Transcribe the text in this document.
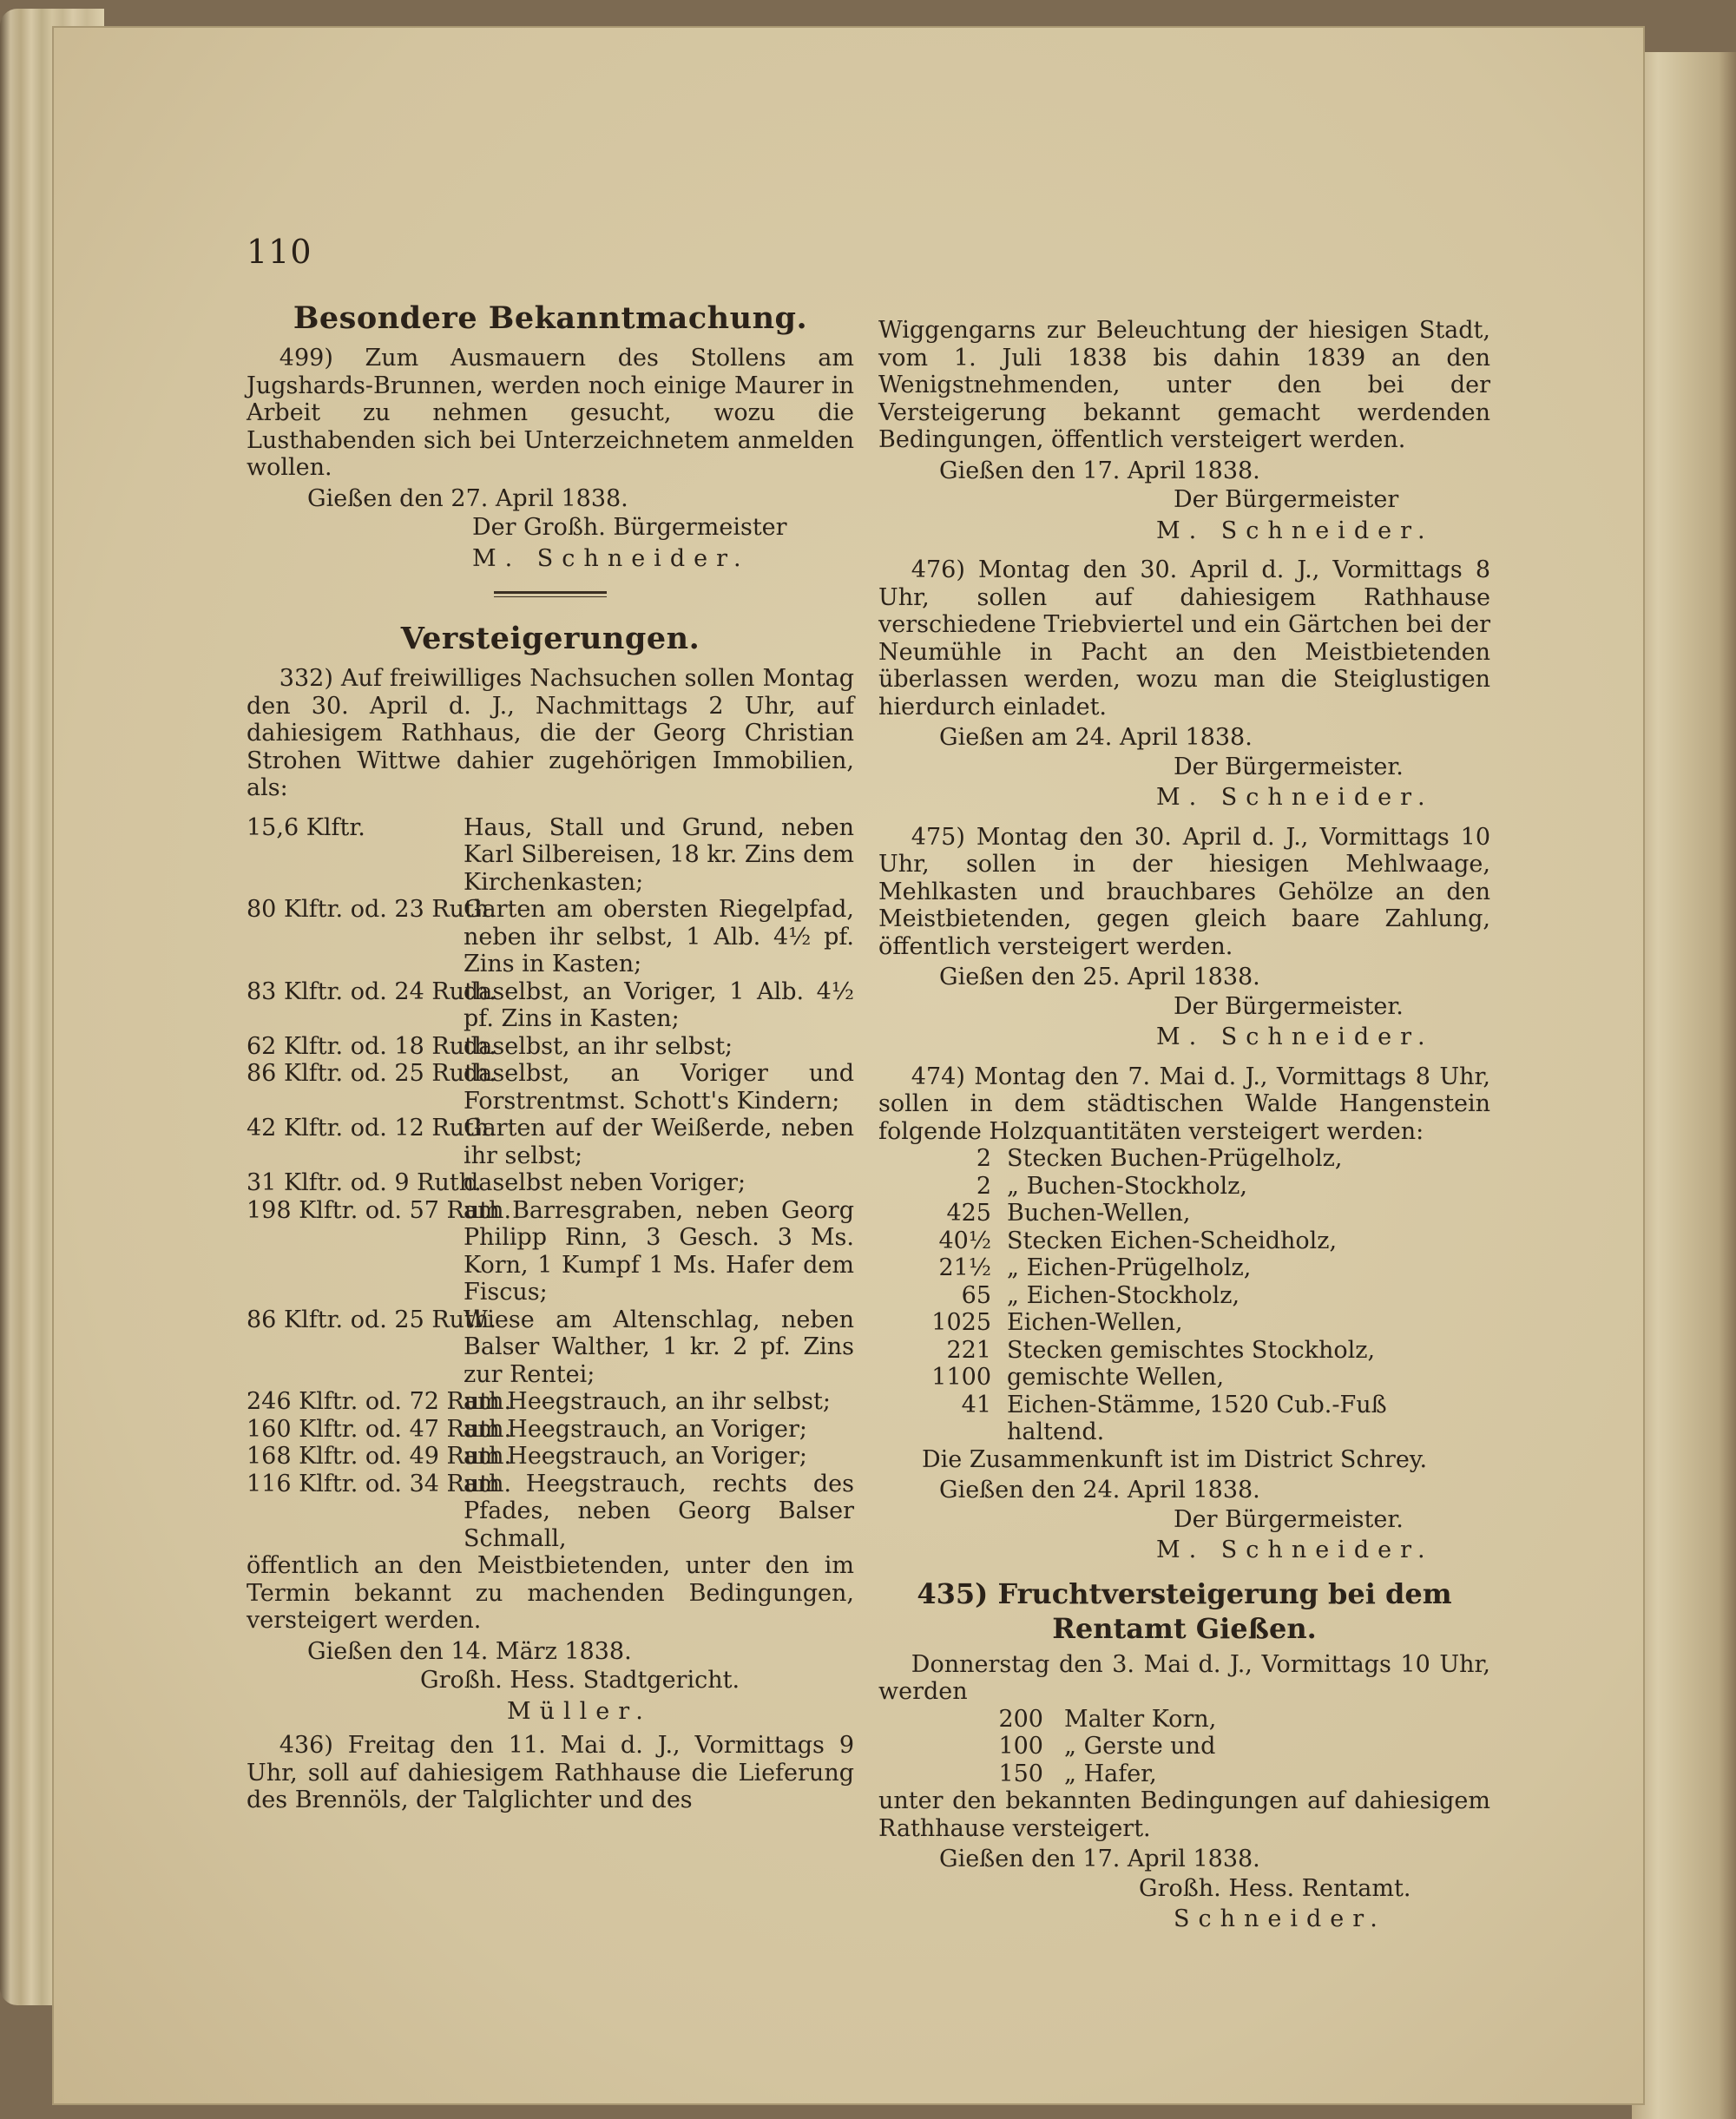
110
Besondere Bekanntmachung.

499) Zum Ausmauern des Stollens am Jugshards-Brunnen, werden noch einige Maurer in Arbeit zu nehmen gesucht, wozu die Lusthabenden sich bei Unterzeichnetem anmelden wollen.

Gießen den 27. April 1838.

Der Großh. Bürgermeister

M. Schneider.

Versteigerungen.

332) Auf freiwilliges Nachsuchen sollen Montag den 30. April d. J., Nachmittags 2 Uhr, auf dahiesigem Rathhaus, die der Georg Christian Strohen Wittwe dahier zugehörigen Immobilien, als:

15,6 Klftr.	Haus, Stall und Grund, neben Karl Silbereisen, 18 kr. Zins dem Kirchenkasten;
80 Klftr. od. 23 Ruth.
Garten am obersten Riegelpfad, neben ihr selbst, 1 Alb. 4½ pf. Zins in Kasten;
83 Klftr. od. 24 Ruth.
daselbst, an Voriger, 1 Alb. 4½ pf. Zins in Kasten;
62 Klftr. od. 18 Ruth.
daselbst, an ihr selbst;
86 Klftr. od. 25 Ruth.
daselbst, an Voriger und Forstrentmst. Schott's Kindern;
42 Klftr. od. 12 Ruth.
Garten auf der Weißerde, neben ihr selbst;
31 Klftr. od. 9 Ruth.
daselbst neben Voriger;
198 Klftr. od. 57 Ruth.
am Barresgraben, neben Georg Philipp Rinn, 3 Gesch. 3 Ms. Korn, 1 Kumpf 1 Ms. Hafer dem Fiscus;
86 Klftr. od. 25 Ruth.
Wiese am Altenschlag, neben Balser Walther, 1 kr. 2 pf. Zins zur Rentei;
246 Klftr. od. 72 Ruth.
am Heegstrauch, an ihr selbst;
160 Klftr. od. 47 Ruth.
am Heegstrauch, an Voriger;
168 Klftr. od. 49 Ruth.
am Heegstrauch, an Voriger;
116 Klftr. od. 34 Ruth.
am Heegstrauch, rechts des Pfades, neben Georg Balser Schmall,

öffentlich an den Meistbietenden, unter den im Termin bekannt zu machenden Bedingungen, versteigert werden.

Gießen den 14. März 1838.

Großh. Hess. Stadtgericht.

Müller.

436) Freitag den 11. Mai d. J., Vormittags 9 Uhr, soll auf dahiesigem Rathhause die Lieferung des Brennöls, der Talglichter und des

Wiggengarns zur Beleuchtung der hiesigen Stadt, vom 1. Juli 1838 bis dahin 1839 an den Wenigstnehmenden, unter den bei der Versteigerung bekannt gemacht werdenden Bedingungen, öffentlich versteigert werden.

Gießen den 17. April 1838.

Der Bürgermeister

M. Schneider.

476) Montag den 30. April d. J., Vormittags 8 Uhr, sollen auf dahiesigem Rathhause verschiedene Triebviertel und ein Gärtchen bei der Neumühle in Pacht an den Meistbietenden überlassen werden, wozu man die Steiglustigen hierdurch einladet.

Gießen am 24. April 1838.

Der Bürgermeister.

M. Schneider.

475) Montag den 30. April d. J., Vormittags 10 Uhr, sollen in der hiesigen Mehlwaage, Mehlkasten und brauchbares Gehölze an den Meistbietenden, gegen gleich baare Zahlung, öffentlich versteigert werden.

Gießen den 25. April 1838.

Der Bürgermeister.

M. Schneider.

474) Montag den 7. Mai d. J., Vormittags 8 Uhr, sollen in dem städtischen Walde Hangenstein folgende Holzquantitäten versteigert werden:

2 Stecken Buchen-Prügelholz,
2 „ Buchen-Stockholz,
425 Buchen-Wellen,
40½ Stecken Eichen-Scheidholz,
21½ „ Eichen-Prügelholz,
65 „ Eichen-Stockholz,
1025 Eichen-Wellen,
221 Stecken gemischtes Stockholz,
1100 gemischte Wellen,
41 Eichen-Stämme, 1520 Cub.-Fuß haltend.

Die Zusammenkunft ist im District Schrey.

Gießen den 24. April 1838.

Der Bürgermeister.

M. Schneider.

435) Fruchtversteigerung bei dem
Rentamt Gießen.

Donnerstag den 3. Mai d. J., Vormittags 10 Uhr, werden

200 Malter Korn,
100 „ Gerste und
150 „ Hafer,

unter den bekannten Bedingungen auf dahiesigem Rathhause versteigert.

Gießen den 17. April 1838.

Großh. Hess. Rentamt.

Schneider.
